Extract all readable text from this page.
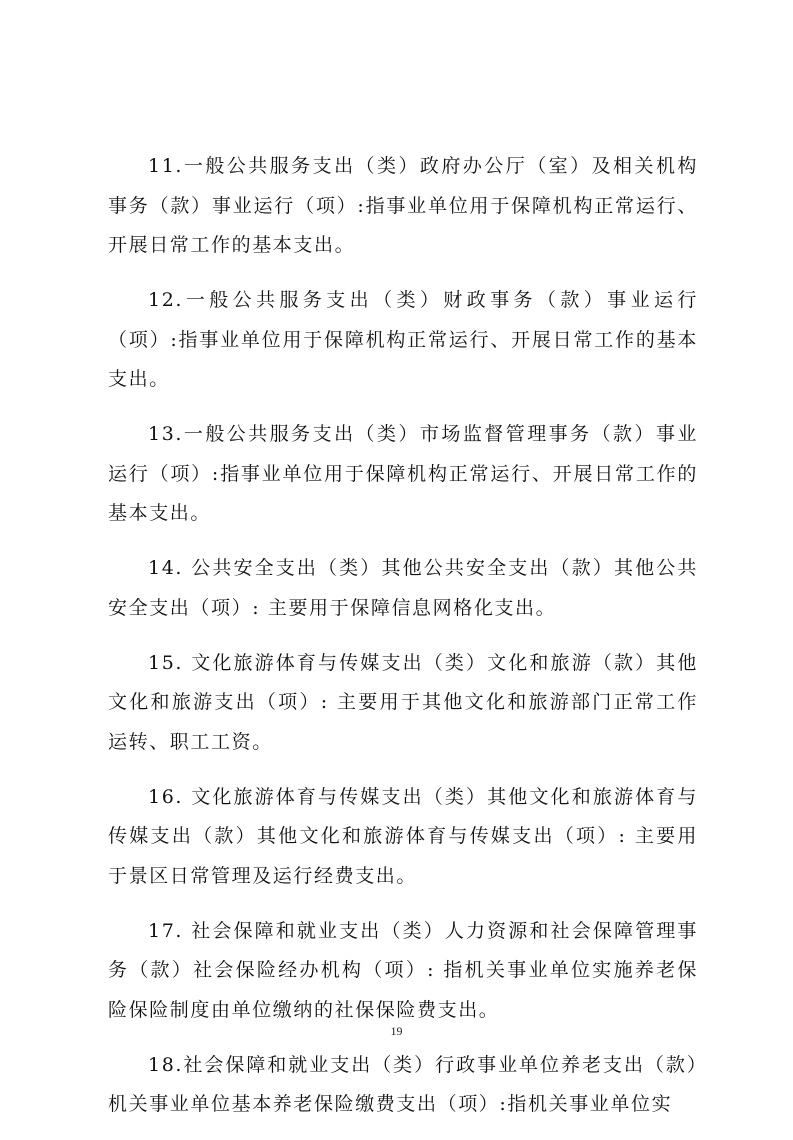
11.一般公共服务支出（类）政府办公厅（室）及相关机构事务（款）事业运行（项）:指事业单位用于保障机构正常运行、开展日常工作的基本支出。

12.一般公共服务支出（类）财政事务（款）事业运行（项）:指事业单位用于保障机构正常运行、开展日常工作的基本支出。

13.一般公共服务支出（类）市场监督管理事务（款）事业运行（项）:指事业单位用于保障机构正常运行、开展日常工作的基本支出。

14. 公共安全支出（类）其他公共安全支出（款）其他公共安全支出（项）: 主要用于保障信息网格化支出。

15. 文化旅游体育与传媒支出（类）文化和旅游（款）其他文化和旅游支出（项）: 主要用于其他文化和旅游部门正常工作运转、职工工资。

16. 文化旅游体育与传媒支出（类）其他文化和旅游体育与传媒支出（款）其他文化和旅游体育与传媒支出（项）: 主要用于景区日常管理及运行经费支出。

17. 社会保障和就业支出（类）人力资源和社会保障管理事务（款）社会保险经办机构（项）: 指机关事业单位实施养老保险保险制度由单位缴纳的社保保险费支出。

18.社会保障和就业支出（类）行政事业单位养老支出（款）机关事业单位基本养老保险缴费支出（项）:指机关事业单位实

19
